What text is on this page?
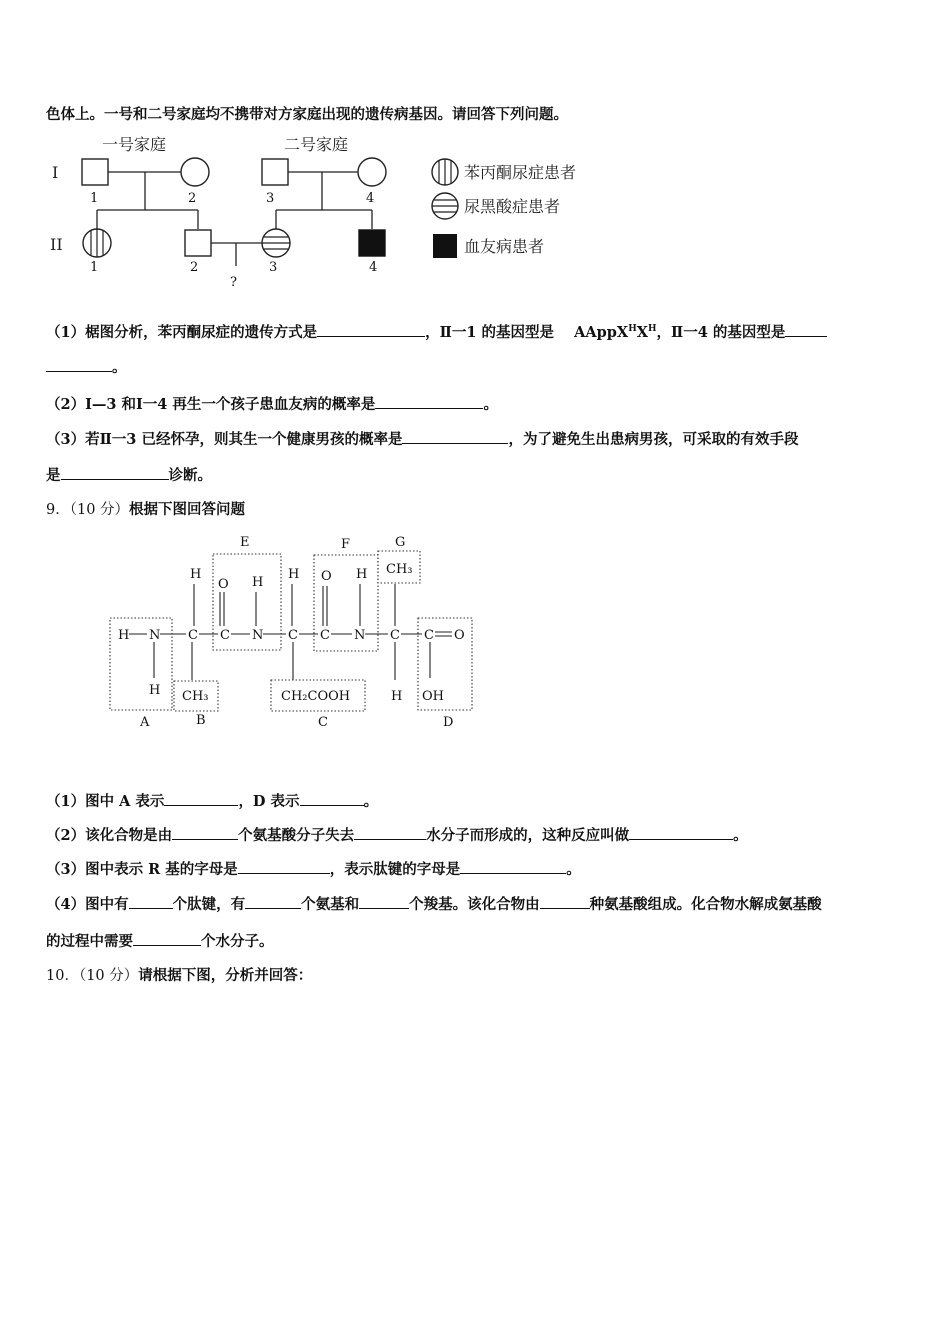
色体上。一号和二号家庭均不携带对方家庭出现的遗传病基因。请回答下列问题。
一号家庭	二号家庭
I
II
1	2	3	4
1	2	3	4
?
苯丙酮尿症患者
尿黑酸症患者
血友病患者
（1）椐图分析，苯丙酮尿症的遗传方式是	，Ⅱ一1 的基因型是 $AAppX^HX^H$，Ⅱ一4 的基因型是
。
（2）Ⅰ—3 和Ⅰ一4 再生一个孩子患血友病的概率是	。
（3）若Ⅱ一3 已经怀孕，则其生一个健康男孩的概率是	，为了避免生出患病男孩，可采取的有效手段
是	诊断。
9．（10 分）根据下图回答问题
E	F	G
H
O H
H O H CH₃
H N C C N C C N C C O
H CH₃	CH₂COOH	H OH
A	B	C	D
（1）图中 A 表示	，D 表示	。
（2）该化合物是由	个氨基酸分子失去	水分子而形成的，这种反应叫做	。
（3）图中表示 R 基的字母是	，表示肽键的字母是	。
（4）图中有	个肽键，有	个氨基和	个羧基。该化合物由	种氨基酸组成。化合物水解成氨基酸
的过程中需要	个水分子。
10．（10 分）请根据下图，分析并回答：
